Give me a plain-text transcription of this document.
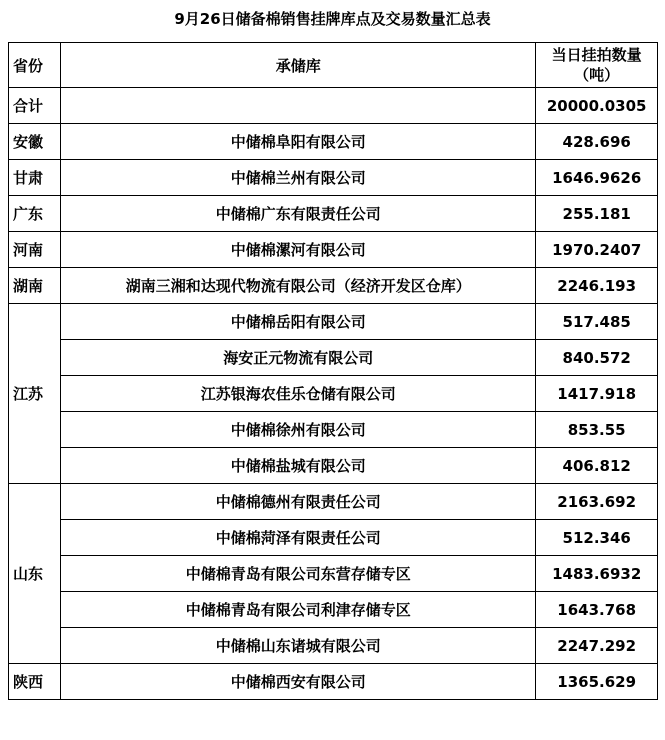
9月26日储备棉销售挂牌库点及交易数量汇总表
省份	承储库	当日挂拍数量
（吨）

合计		20000.0305
安徽	中储棉阜阳有限公司	428.696
甘肃	中储棉兰州有限公司	1646.9626
广东	中储棉广东有限责任公司	255.181
河南	中储棉漯河有限公司	1970.2407
湖南	湖南三湘和达现代物流有限公司（经济开发区仓库）	2246.193
江苏	中储棉岳阳有限公司	517.485
	海安正元物流有限公司	840.572
	江苏银海农佳乐仓储有限公司	1417.918
	中储棉徐州有限公司	853.55
	中储棉盐城有限公司	406.812
山东	中储棉德州有限责任公司	2163.692
	中储棉菏泽有限责任公司	512.346
	中储棉青岛有限公司东营存储专区	1483.6932
	中储棉青岛有限公司利津存储专区	1643.768
	中储棉山东诸城有限公司	2247.292
陕西	中储棉西安有限公司	1365.629
